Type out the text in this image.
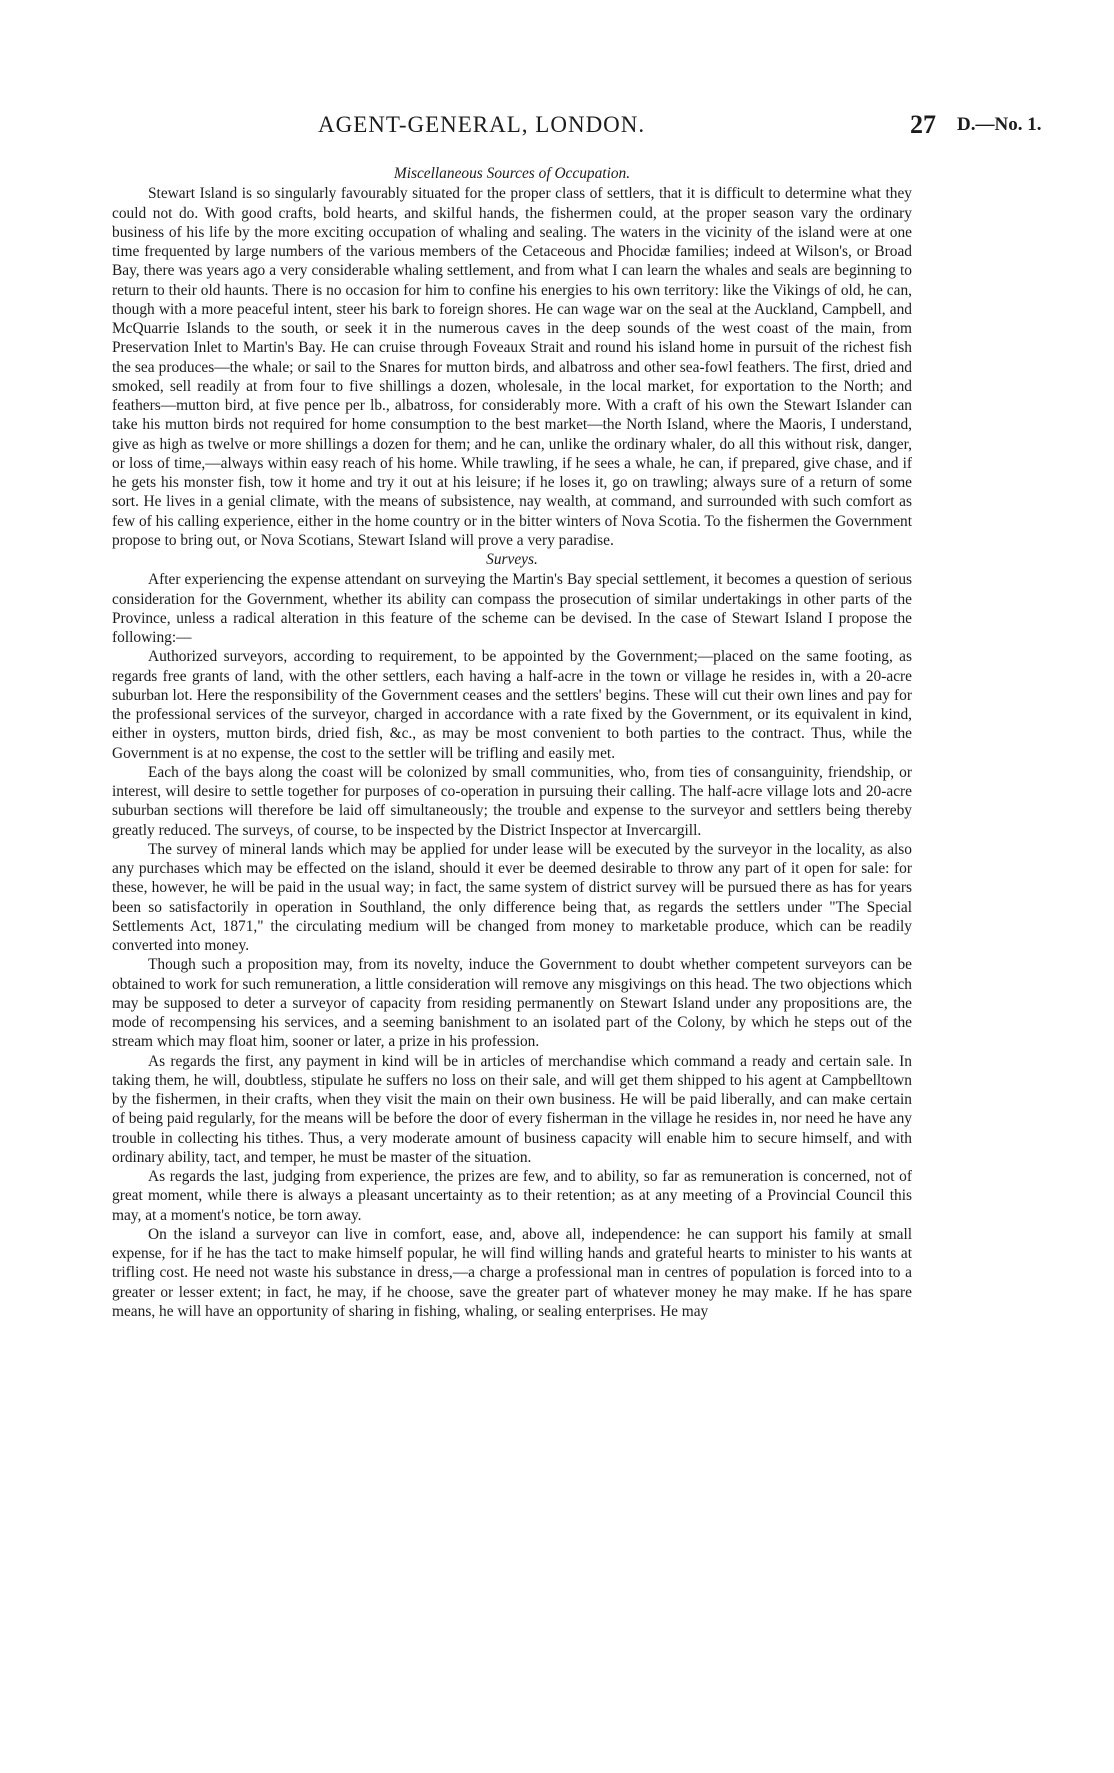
AGENT-GENERAL, LONDON.	27 D.—No. 1.

Miscellaneous Sources of Occupation.

Stewart Island is so singularly favourably situated for the proper class of settlers, that it is difficult to determine what they could not do. With good crafts, bold hearts, and skilful hands, the fishermen could, at the proper season vary the ordinary business of his life by the more exciting occupation of whaling and sealing. The waters in the vicinity of the island were at one time frequented by large numbers of the various members of the Cetaceous and Phocidæ families; indeed at Wilson's, or Broad Bay, there was years ago a very considerable whaling settlement, and from what I can learn the whales and seals are beginning to return to their old haunts. There is no occasion for him to confine his energies to his own territory: like the Vikings of old, he can, though with a more peaceful intent, steer his bark to foreign shores. He can wage war on the seal at the Auckland, Campbell, and McQuarrie Islands to the south, or seek it in the numerous caves in the deep sounds of the west coast of the main, from Preservation Inlet to Martin's Bay. He can cruise through Foveaux Strait and round his island home in pursuit of the richest fish the sea produces—the whale; or sail to the Snares for mutton birds, and albatross and other sea-fowl feathers. The first, dried and smoked, sell readily at from four to five shillings a dozen, wholesale, in the local market, for exportation to the North; and feathers—mutton bird, at five pence per lb., albatross, for considerably more. With a craft of his own the Stewart Islander can take his mutton birds not required for home consumption to the best market—the North Island, where the Maoris, I understand, give as high as twelve or more shillings a dozen for them; and he can, unlike the ordinary whaler, do all this without risk, danger, or loss of time,—always within easy reach of his home. While trawling, if he sees a whale, he can, if prepared, give chase, and if he gets his monster fish, tow it home and try it out at his leisure; if he loses it, go on trawling; always sure of a return of some sort. He lives in a genial climate, with the means of subsistence, nay wealth, at command, and surrounded with such comfort as few of his calling experience, either in the home country or in the bitter winters of Nova Scotia. To the fishermen the Government propose to bring out, or Nova Scotians, Stewart Island will prove a very paradise.

Surveys.

After experiencing the expense attendant on surveying the Martin's Bay special settlement, it becomes a question of serious consideration for the Government, whether its ability can compass the prosecution of similar undertakings in other parts of the Province, unless a radical alteration in this feature of the scheme can be devised. In the case of Stewart Island I propose the following:—

Authorized surveyors, according to requirement, to be appointed by the Government;—placed on the same footing, as regards free grants of land, with the other settlers, each having a half-acre in the town or village he resides in, with a 20-acre suburban lot. Here the responsibility of the Government ceases and the settlers' begins. These will cut their own lines and pay for the professional services of the surveyor, charged in accordance with a rate fixed by the Government, or its equivalent in kind, either in oysters, mutton birds, dried fish, &c., as may be most convenient to both parties to the contract. Thus, while the Government is at no expense, the cost to the settler will be trifling and easily met.

Each of the bays along the coast will be colonized by small communities, who, from ties of consanguinity, friendship, or interest, will desire to settle together for purposes of co-operation in pursuing their calling. The half-acre village lots and 20-acre suburban sections will therefore be laid off simultaneously; the trouble and expense to the surveyor and settlers being thereby greatly reduced. The surveys, of course, to be inspected by the District Inspector at Invercargill.

The survey of mineral lands which may be applied for under lease will be executed by the surveyor in the locality, as also any purchases which may be effected on the island, should it ever be deemed desirable to throw any part of it open for sale: for these, however, he will be paid in the usual way; in fact, the same system of district survey will be pursued there as has for years been so satisfactorily in operation in Southland, the only difference being that, as regards the settlers under "The Special Settlements Act, 1871," the circulating medium will be changed from money to marketable produce, which can be readily converted into money.

Though such a proposition may, from its novelty, induce the Government to doubt whether competent surveyors can be obtained to work for such remuneration, a little consideration will remove any misgivings on this head. The two objections which may be supposed to deter a surveyor of capacity from residing permanently on Stewart Island under any propositions are, the mode of recompensing his services, and a seeming banishment to an isolated part of the Colony, by which he steps out of the stream which may float him, sooner or later, a prize in his profession.

As regards the first, any payment in kind will be in articles of merchandise which command a ready and certain sale. In taking them, he will, doubtless, stipulate he suffers no loss on their sale, and will get them shipped to his agent at Campbelltown by the fishermen, in their crafts, when they visit the main on their own business. He will be paid liberally, and can make certain of being paid regularly, for the means will be before the door of every fisherman in the village he resides in, nor need he have any trouble in collecting his tithes. Thus, a very moderate amount of business capacity will enable him to secure himself, and with ordinary ability, tact, and temper, he must be master of the situation.

As regards the last, judging from experience, the prizes are few, and to ability, so far as remuneration is concerned, not of great moment, while there is always a pleasant uncertainty as to their retention; as at any meeting of a Provincial Council this may, at a moment's notice, be torn away.

On the island a surveyor can live in comfort, ease, and, above all, independence: he can support his family at small expense, for if he has the tact to make himself popular, he will find willing hands and grateful hearts to minister to his wants at trifling cost. He need not waste his substance in dress,—a charge a professional man in centres of population is forced into to a greater or lesser extent; in fact, he may, if he choose, save the greater part of whatever money he may make. If he has spare means, he will have an opportunity of sharing in fishing, whaling, or sealing enterprises. He may
